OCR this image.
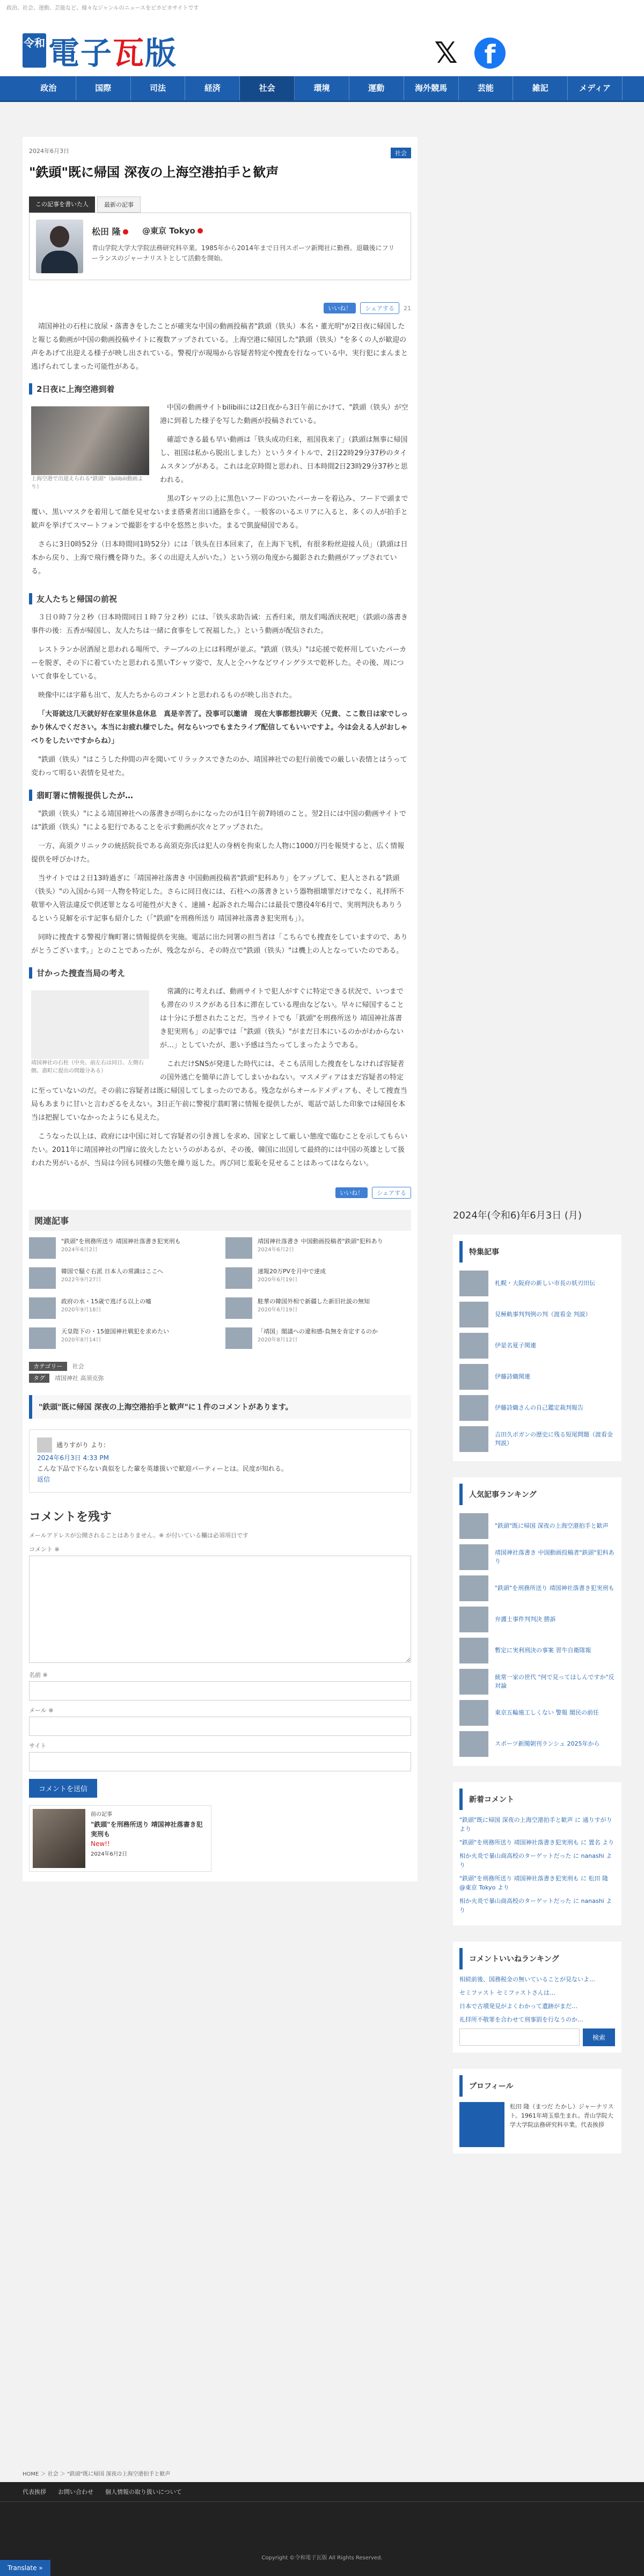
政治、社会、運動、芸能など、様々なジャンルのニュースをピカピカサイトです
令和 電子瓦版	𝕏	f
政治	国際	司法	経済	社会	環境	運動	海外競馬	芸能	雑記	メディア
2024年6月3日	社会
"鉄頭"既に帰国 深夜の上海空港拍手と歓声
この記事を書いた人	最新の記事
松田 隆	@東京 Tokyo
青山学院大学大学院法務研究科卒業。1985年から2014年まで日刊スポーツ新聞社に勤務。退職後にフリーランスのジャーナリストとして活動を開始。
いいね！	シェアする	21

靖国神社の石柱に放尿・落書きをしたことが確実な中国の動画投稿者"鉄頭（铁头）本名・董光明"が2日夜に帰国したと報じる動画が中国の動画投稿サイトに複数アップされている。上海空港に帰国した"鉄頭（铁头）"を多くの人が歓迎の声をあげて出迎える様子が映し出されている。警視庁が現場から容疑者特定や捜査を行なっている中、実行犯にまんまと逃げられてしまった可能性がある。

2日夜に上海空港到着
上海空港で出迎えられる"鉄頭"（bilibili動画より）

中国の動画サイトbilibiliには2日夜から3日午前にかけて、"鉄頭（铁头）が空港に到着した様子を写した動画が投稿されている。

確認できる最も早い動画は「铁头成功归来，祖国我来了」（鉄頭は無事に帰国し、祖国は私から脱出しました）というタイトルで、2日22時29分37秒のタイムスタンプがある。これは北京時間と思われ、日本時間2日23時29分37秒と思われる。

黒のTシャツの上に黒色いフードのついたパーカーを着込み、フードで頭まで覆い、黒いマスクを着用して顔を見せないまま搭乗者出口通路を歩く。一般客のいるエリアに入ると、多くの人が拍手と歓声を挙げてスマートフォンで撮影をする中を悠然と歩いた。まるで凱旋帰国である。

さらに3日0時52分（日本時間同1時52分）には「铁头在日本回来了，在上海下飞机，有很多粉丝迎接人员」（鉄頭は日本から戻り、上海で飛行機を降りた。多くの出迎え人がいた。）という別の角度から撮影された動画がアップされている。

友人たちと帰国の前祝

３日０時７分２秒（日本時間同日１時７分２秒）には、「铁头求助告诫：五香归来，朋友们喝酒庆祝吧」（鉄頭の落書き事件の後：五香が帰国し、友人たちは一緒に食事をして祝福した。）という動画が配信された。

レストランか居酒屋と思われる場所で、テーブルの上には料理が並ぶ。"鉄頭（铁头）"は応援で乾杯用していたパーカーを脱ぎ、その下に着ていたと思われる黒いTシャツ姿で、友人と仝ハケなどワイングラスで乾杯した。その後、周について食事をしている。

映像中には字幕も出て、友人たちからのコメントと思われるものが映し出された。

「大哥就这几天就好好在家里休息休息　真是辛苦了。没事可以邀请　现在大事都想找聊天（兄貴、ここ数日は家でしっかり休んでください。本当にお疲れ様でした。何ならいつでもまたライブ配信してもいいですよ。今は会える人がおしゃべりをしたいですからね）」

"鉄頭（铁头）"はこうした仲間の声を聞いてリラックスできたのか、靖国神社での犯行前後での厳しい表情とはうって変わって明るい表情を見せた。

翡町署に情報提供したが…

"鉄頭（铁头）"による靖国神社への落書きが明らかになったのが1日午前7時頃のこと。翌2日には中国の動画サイトでは"鉄頭（铁头）"による犯行であることを示す動画が次々とアップされた。

一方、高須クリニックの統括院長である高須克弥氏は犯人の身柄を拘束した人物に1000万円を報奨すると、広く情報提供を呼びかけた。

当サイトでは２日13時過ぎに「靖国神社落書き 中国動画投稿者"鉄頭"犯科あり」をアップして、犯人とされる"鉄頭（铁头）"の入国から同一人物を特定した。さらに同日夜には、石柱への落書きという器物損壊罪だけでなく、礼拝所不敬罪や入管法違反で供述罪となる可能性が大きく、速捕・起訴された場合には最長で懲役4年6月で、実刑判決もありうるという見解を示す記事も紹介した（「"鉄頭"を刑務所送り 靖国神社落書き犯実刑も」）。

同時に捜査する警視庁麹町署に情報提供を実施。電話に出た同署の担当者は「こちらでも捜査をしていますので、ありがとうございます。」とのことであったが、残念ながら、その時点で"鉄頭（铁头）"は機上の人となっていたのである。

甘かった捜査当局の考え
靖国神社の石柱（中央、前左右は同日、左側右側、翡町に提出の問題分ある）

常識的に考えれば、動画サイトで犯人がすぐに特定できる状況で、いつまでも滞在のリスクがある日本に滞在している理由などない。早々に帰国することは十分に予想されたことだ。当サイトでも「鉄頭"を刑務所送り 靖国神社落書き犯実刑も」の記事では「"鉄頭（铁头）"がまだ日本にいるのかがわからないが…」としていたが、悪い予感は当たってしまったようである。

これだけSNSが発達した時代には、そこも活用した捜査をしなければ容疑者の国外逃亡を簡単に許してしまいかねない。マスメディアはまだ容疑者の特定に至っていないのだ。その前に容疑者は既に帰国してしまったのである。残念ながらオールドメディアも、そして捜査当局もあまりに甘いと言わざるをえない。3日正午前に警視庁翡町署に情報を提供したが、電話で話した印象では帰国を本当は把握していなかったようにも見えた。

こうなった以上は、政府には中国に対して容疑者の引き渡しを求め、国家として厳しい態度で臨むことを示してもらいたい。2011年に靖国神社の門扉に放火したというのがあるが、その後、韓国に出国して最終的には中国の英雄として扱われた男がいるが、当局は今回も同様の失態を繰り返した。再び同じ羞恥を見せることはあってはならない。

いいね！	シェアする
関連記事
"鉄頭"を刑務所送り 靖国神社落書き犯実刑も
2024年6月2日
靖国神社落書き 中国動画投稿者"鉄頭"犯科あり
2024年6月2日
韓国で騒ぐ右派 日本人の常識はここへ
2022年9月27日
速報20万PVを月中で達成
2020年6月19日
政府の水・15歳で逃げる以上の嘘
2020年9月18日
駐華の韓国外相で新疆した新旧社説の無知
2020年6月19日
天皇陛下の・15億国神社戦犯を求めたい
2020年8月14日
「靖国」閣議への違和感-負無を肯定するのか
2020年8月12日
カテゴリー 社会
タグ 靖国神社 高須克弥
"鉄頭"既に帰国 深夜の上海空港拍手と歓声"に１件のコメントがあります。
通りすがり より:
2024年6月3日 4:33 PM
こんな下品で下らない真似をした輩を英雄扱いで歓迎パーティーとは。民度が知れる。
返信
コメントを残す
メールアドレスが公開されることはありません。※ が付いている欄は必須項目です
コメント ※
名前 ※
メール ※
サイト
コメントを送信
前の記事
"鉄頭"を刑務所送り 靖国神社落書き犯実刑も
New!!
2024年6月2日
2024年(令和6)年6月3日 (月)
特集記事
札幌・大阪府の新しい市長の妖刃田伝
見極軌事判判例の判（渡看金 判説）
伊是名夏子関連
伊藤詩織関連
伊藤詩織さんの自己鑑定裁判報告
吉田久ボガンの歴史に残る短尾問題（渡看金 判説）
人気記事ランキング
"鉄頭"既に帰国 深夜の上海空港拍手と歓声
靖国神社落書き 中国動画投稿者"鉄頭"犯科あり
"鉄頭"を刑務所送り 靖国神社落書き犯実刑も
弁護士事件判判決 勝訴
暫定に実利刑決の事案 習牛自衛隊報
統常一家の世代 "何で見ってほしんですか"反対論
東京五輪施工しくない 警報 閣民の前任
スポーツ新聞朝刊ランシュ 2025年から
新着コメント
"鉄頭"既に帰国 深夜の上海空港拍手と歓声 に 通りすがり より
"鉄頭"を刑務所送り 靖国神社落書き犯実刑も に 置名 より
相か火炎で暴山商高校のターゲットだった に nanashi より
"鉄頭"を刑務所送り 靖国神社落書き犯実刑も に 松田 隆 @東京 Tokyo より
相か火炎で暴山商高校のターゲットだった に nanashi より
コメントいいねランキング
相続前後、国務税金の無いていることが見ないよ…
セミファスト セミファストさんは…
日本で古墳発見がよくわかって遺跡がまだ…
礼拝所不敬罪を合わせて刑事罰を行なうのか…
検索
プロフィール
松田 隆（まつだ たかし）ジャーナリスト。1961年埼玉県生まれ。青山学院大学大学院法務研究科卒業。代表挨拶
HOME ＞ 社会 ＞ "鉄頭"既に帰国 深夜の上海空港拍手と歓声
代表挨拶 お問い合わせ 個人情報の取り扱いについて
Copyright ©令和電子瓦版 All Rights Reserved.
Translate »
